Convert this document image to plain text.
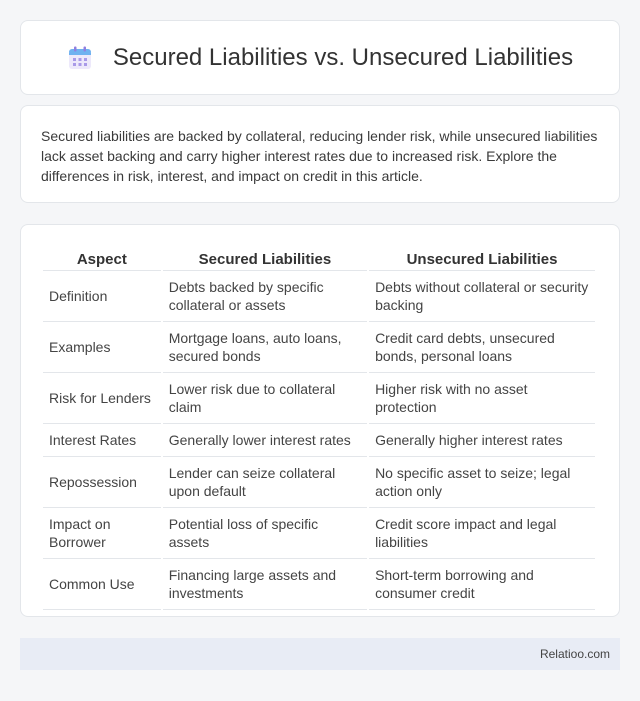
Secured Liabilities vs. Unsecured Liabilities

Secured liabilities are backed by collateral, reducing lender risk, while unsecured liabilities lack asset backing and carry higher interest rates due to increased risk. Explore the differences in risk, interest, and impact on credit in this article.

Aspect	Secured Liabilities	Unsecured Liabilities
Definition	Debts backed by specific collateral or assets	Debts without collateral or security backing
Examples	Mortgage loans, auto loans, secured bonds	Credit card debts, unsecured bonds, personal loans
Risk for Lenders	Lower risk due to collateral claim	Higher risk with no asset protection
Interest Rates	Generally lower interest rates	Generally higher interest rates
Repossession	Lender can seize collateral upon default	No specific asset to seize; legal action only
Impact on Borrower	Potential loss of specific assets	Credit score impact and legal liabilities
Common Use	Financing large assets and investments	Short-term borrowing and consumer credit
Relatioo.com
